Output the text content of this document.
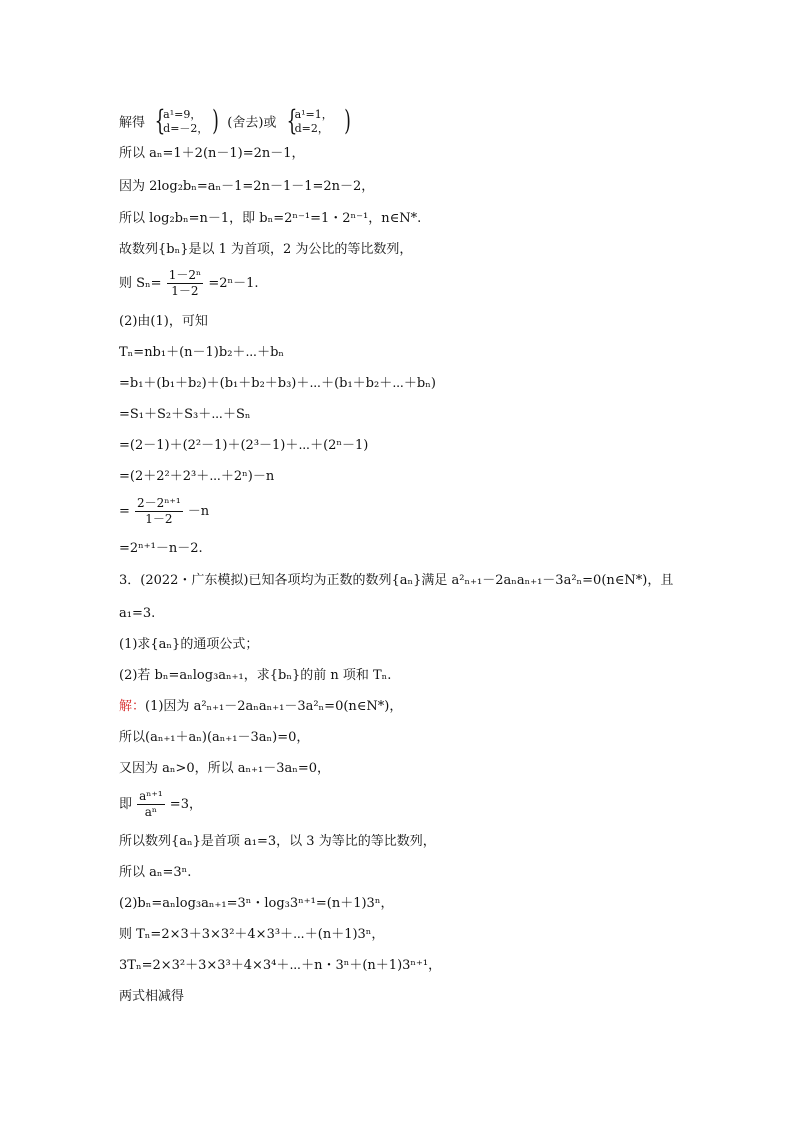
解得 {
a¹=9，
d=－2， ) (舍去)或 {
a¹=1，
d=2， )
所以 aₙ=1＋2(n－1)=2n－1，
因为 2log₂bₙ=aₙ－1=2n－1－1=2n－2，
所以 log₂bₙ=n－1，即 bₙ=2ⁿ⁻¹=1・2ⁿ⁻¹，n∈N*.
故数列{bₙ}是以 1 为首项，2 为公比的等比数列，
则 $S_n= \frac{\text{1－2ⁿ}}{1-2} =2^n-1$.
(2)由(1)，可知
Tₙ=nb₁＋(n－1)b₂＋⋯＋bₙ
=b₁＋(b₁＋b₂)＋(b₁＋b₂＋b₃)＋⋯＋(b₁＋b₂＋⋯＋bₙ)
=S₁＋S₂＋S₃＋⋯＋Sₙ
=(2－1)＋(2²－1)＋(2³－1)＋⋯＋(2ⁿ－1)
=(2＋2²＋2³＋⋯＋2ⁿ)－n
= $\frac{\text{2－2ⁿ⁺¹}}{1-2} -n$
=2ⁿ⁺¹－n－2.
3．(2022・广东模拟)已知各项均为正数的数列{aₙ}满足 a²ₙ₊₁－2aₙaₙ₊₁－3a²ₙ=0(n∈N*)，且
a₁=3.
(1)求{aₙ}的通项公式；
(2)若 bₙ=aₙlog₃aₙ₊₁，求{bₙ}的前 n 项和 Tₙ.
解：(1)因为 a²ₙ₊₁－2aₙaₙ₊₁－3a²ₙ=0(n∈N*)，
所以(aₙ₊₁＋aₙ)(aₙ₊₁－3aₙ)=0，
又因为 aₙ>0，所以 aₙ₊₁－3aₙ=0，
即 $\frac{\text{aⁿ⁺¹}}{\text{aⁿ}} =3$，
所以数列{aₙ}是首项 a₁=3，以 3 为等比的等比数列，
所以 aₙ=3ⁿ.
(2)bₙ=aₙlog₃aₙ₊₁=3ⁿ・log₃3ⁿ⁺¹=(n＋1)3ⁿ，
则 Tₙ=2×3＋3×3²＋4×3³＋⋯＋(n＋1)3ⁿ，
3Tₙ=2×3²＋3×3³＋4×3⁴＋⋯＋n・3ⁿ＋(n＋1)3ⁿ⁺¹，
两式相减得
